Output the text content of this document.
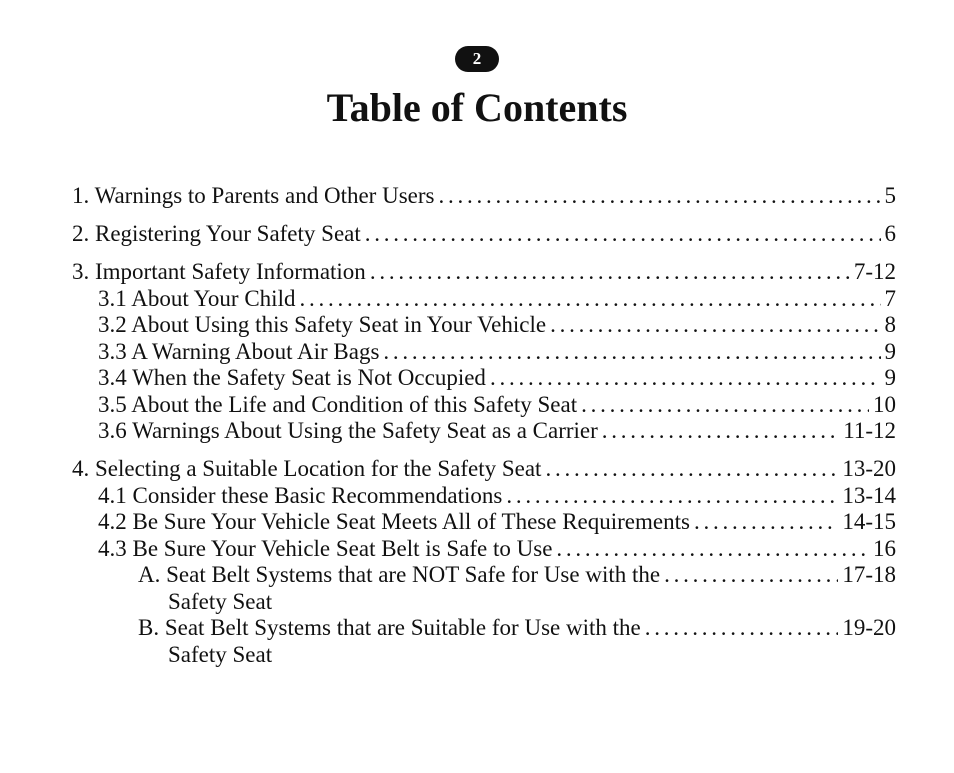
2
Table of Contents
1. Warnings to Parents and Other Users . . .	5
2. Registering Your Safety Seat . . .	6
3. Important Safety Information . . .	7-12
3.1 About Your Child . . .	7
3.2 About Using this Safety Seat in Your Vehicle . . .	8
3.3 A Warning About Air Bags . . .	9
3.4 When the Safety Seat is Not Occupied . . .	9
3.5 About the Life and Condition of this Safety Seat . . .	10
3.6 Warnings About Using the Safety Seat as a Carrier . . .	11-12
4. Selecting a Suitable Location for the Safety Seat . . .	13-20
4.1 Consider these Basic Recommendations . . .	13-14
4.2 Be Sure Your Vehicle Seat Meets All of These Requirements . . .	14-15
4.3 Be Sure Your Vehicle Seat Belt is Safe to Use . . .	16
A. Seat Belt Systems that are NOT Safe for Use with the . . .	17-18
Safety Seat
B. Seat Belt Systems that are Suitable for Use with the . . .	19-20
Safety Seat
